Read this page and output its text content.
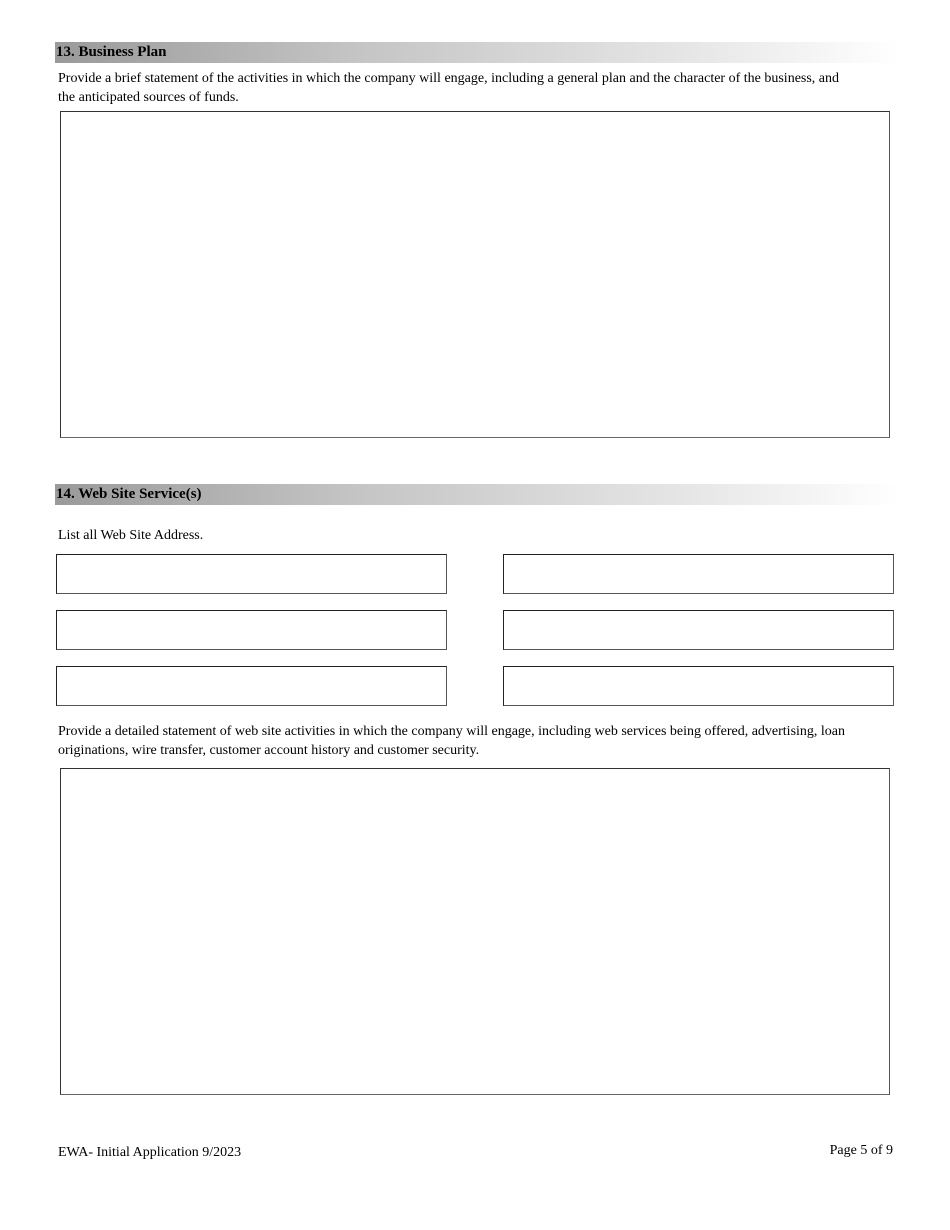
13. Business Plan
Provide a brief statement of the activities in which the company will engage, including a general plan and the character of the business, and the anticipated sources of funds.
14. Web Site Service(s)
List all Web Site Address.
Provide a detailed statement of web site activities in which the company will engage, including web services being offered, advertising, loan originations, wire transfer, customer account history and customer security.
EWA- Initial Application 9/2023	Page 5 of 9
